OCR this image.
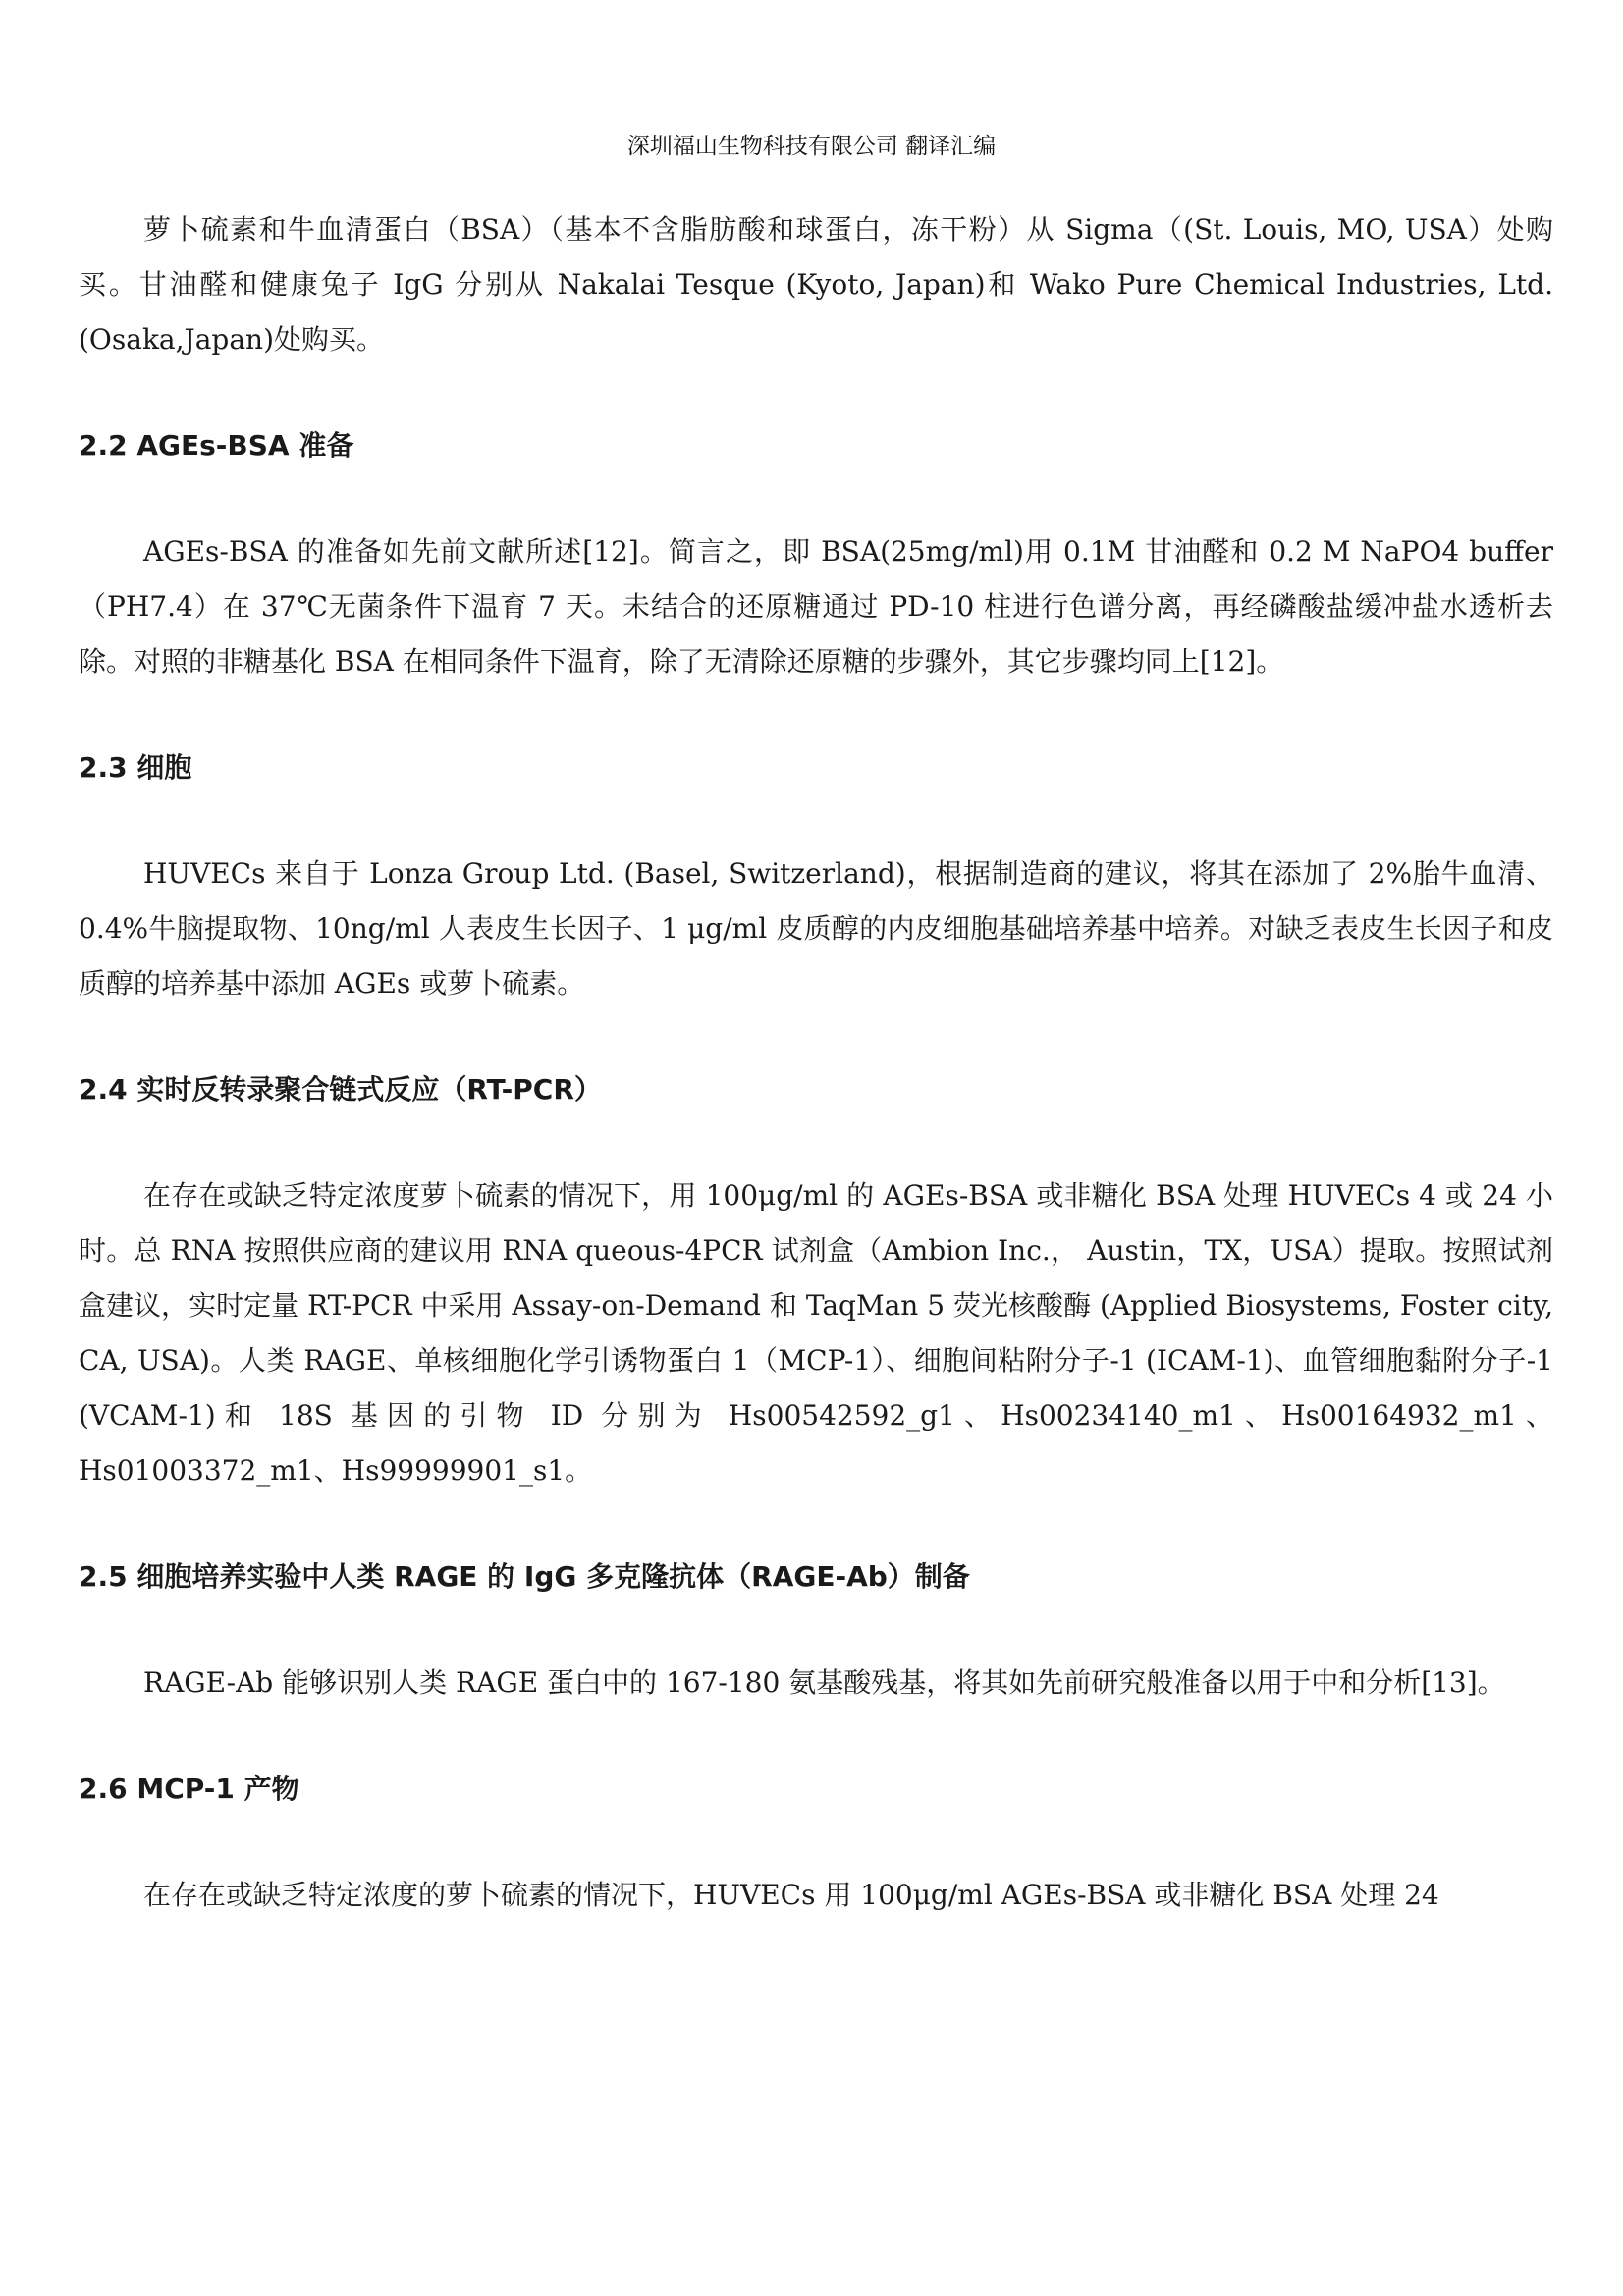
深圳福山生物科技有限公司 翻译汇编

萝卜硫素和牛血清蛋白（BSA）（基本不含脂肪酸和球蛋白，冻干粉）从 Sigma（(St. Louis, MO, USA）处购买。甘油醛和健康兔子 IgG 分别从 Nakalai Tesque (Kyoto, Japan)和 Wako Pure Chemical Industries, Ltd. (Osaka,Japan)处购买。

2.2 AGEs-BSA 准备

AGEs-BSA 的准备如先前文献所述[12]。简言之，即 BSA(25mg/ml)用 0.1M 甘油醛和 0.2 M NaPO4 buffer（PH7.4）在 37℃无菌条件下温育 7 天。未结合的还原糖通过 PD-10 柱进行色谱分离，再经磷酸盐缓冲盐水透析去除。对照的非糖基化 BSA 在相同条件下温育，除了无清除还原糖的步骤外，其它步骤均同上[12]。

2.3 细胞

HUVECs 来自于 Lonza Group Ltd. (Basel, Switzerland)，根据制造商的建议，将其在添加了 2%胎牛血清、0.4%牛脑提取物、10ng/ml 人表皮生长因子、1 μg/ml 皮质醇的内皮细胞基础培养基中培养。对缺乏表皮生长因子和皮质醇的培养基中添加 AGEs 或萝卜硫素。

2.4 实时反转录聚合链式反应（RT-PCR）

在存在或缺乏特定浓度萝卜硫素的情况下，用 100μg/ml 的 AGEs-BSA 或非糖化 BSA 处理 HUVECs 4 或 24 小时。总 RNA 按照供应商的建议用 RNA queous-4PCR 试剂盒（Ambion Inc.， Austin，TX，USA）提取。按照试剂盒建议，实时定量 RT-PCR 中采用 Assay-on-Demand 和 TaqMan 5 荧光核酸酶 (Applied Biosystems, Foster city, CA, USA)。人类 RAGE、单核细胞化学引诱物蛋白 1（MCP-1）、细胞间粘附分子-1 (ICAM-1)、血管细胞黏附分子-1 (VCAM-1)和 18S 基因的引物 ID 分别为 Hs00542592_g1、Hs00234140_m1、Hs00164932_m1、Hs01003372_m1、Hs99999901_s1。

2.5 细胞培养实验中人类 RAGE 的 IgG 多克隆抗体（RAGE-Ab）制备

RAGE-Ab 能够识别人类 RAGE 蛋白中的 167-180 氨基酸残基，将其如先前研究般准备以用于中和分析[13]。

2.6 MCP-1 产物

在存在或缺乏特定浓度的萝卜硫素的情况下，HUVECs 用 100μg/ml AGEs-BSA 或非糖化 BSA 处理 24
